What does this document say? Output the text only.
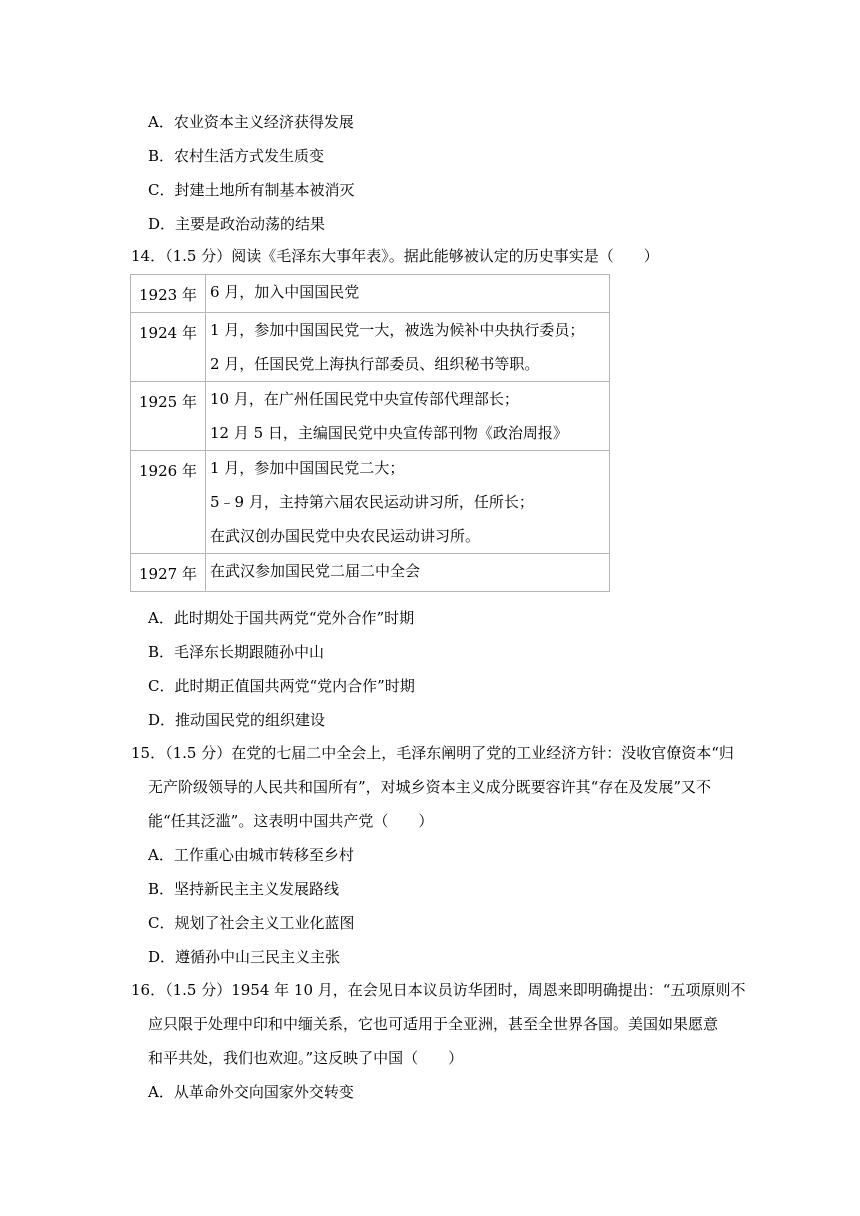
A．农业资本主义经济获得发展
B．农村生活方式发生质变
C．封建土地所有制基本被消灭
D．主要是政治动荡的结果
14．（1.5 分）阅读《毛泽东大事年表》。据此能够被认定的历史事实是（　　）
1923 年	6 月，加入中国国民党

1924 年	1 月，参加中国国民党一大，被选为候补中央执行委员；
2 月，任国民党上海执行部委员、组织秘书等职。

1925 年	10 月，在广州任国民党中央宣传部代理部长；
12 月 5 日，主编国民党中央宣传部刊物《政治周报》

1926 年	1 月，参加中国国民党二大；
5﹣9 月，主持第六届农民运动讲习所，任所长；
在武汉创办国民党中央农民运动讲习所。

1927 年	在武汉参加国民党二届二中全会
A．此时期处于国共两党“党外合作”时期
B．毛泽东长期跟随孙中山
C．此时期正值国共两党“党内合作”时期
D．推动国民党的组织建设
15．（1.5 分）在党的七届二中全会上，毛泽东阐明了党的工业经济方针：没收官僚资本“归
无产阶级领导的人民共和国所有”，对城乡资本主义成分既要容许其“存在及发展”又不
能“任其泛滥”。这表明中国共产党（　　）
A．工作重心由城市转移至乡村
B．坚持新民主主义发展路线
C．规划了社会主义工业化蓝图
D．遵循孙中山三民主义主张
16．（1.5 分）1954 年 10 月，在会见日本议员访华团时，周恩来即明确提出：“五项原则不
应只限于处理中印和中缅关系，它也可适用于全亚洲，甚至全世界各国。美国如果愿意
和平共处，我们也欢迎。”这反映了中国（　　）
A．从革命外交向国家外交转变
